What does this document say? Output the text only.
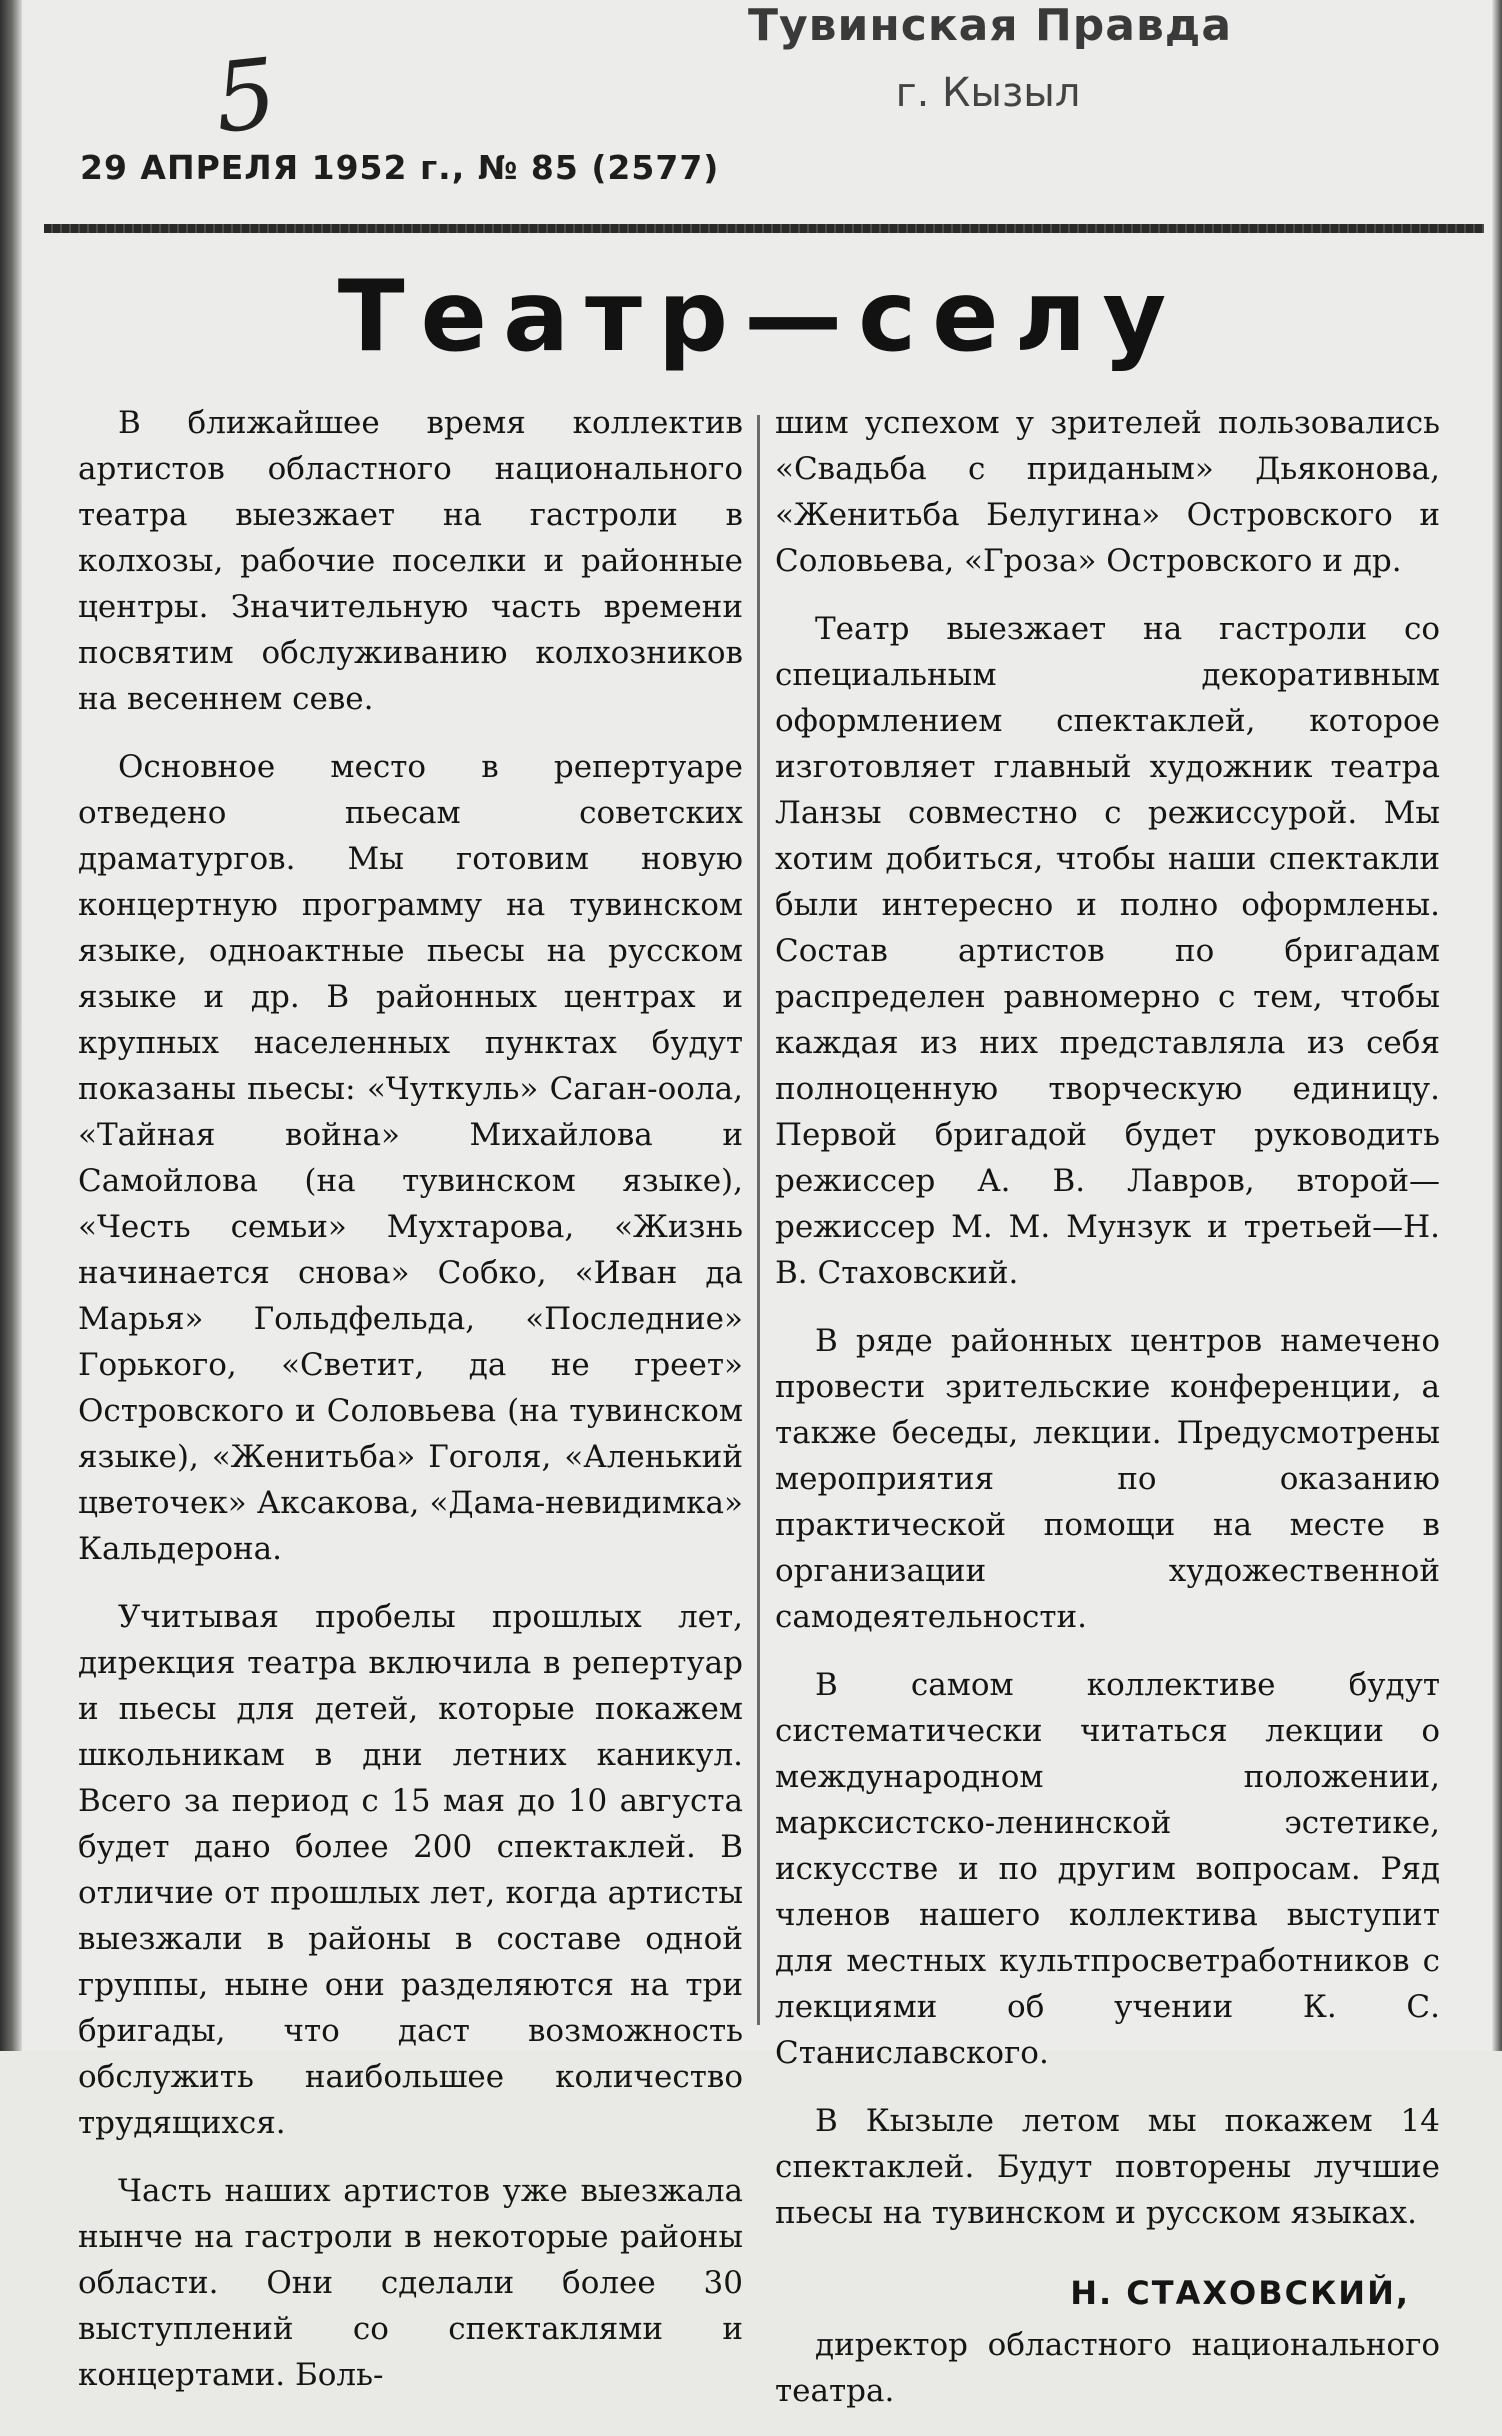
Тувинская Правда
г. Кызыл
5
29 АПРЕЛЯ 1952 г., № 85 (2577)
Театр—селу

В ближайшее время коллектив артистов областного национального театра выезжает на гастроли в колхозы, рабочие поселки и районные центры. Значительную часть времени посвятим обслуживанию колхозников на весеннем севе.

Основное место в репертуаре отведено пьесам советских драматургов. Мы готовим новую концертную программу на тувинском языке, одноактные пьесы на русском языке и др. В районных центрах и крупных населенных пунктах будут показаны пьесы: «Чуткуль» Саган-оола, «Тайная война» Михайлова и Самойлова (на тувинском языке), «Честь семьи» Мухтарова, «Жизнь начинается снова» Собко, «Иван да Марья» Гольдфельда, «Последние» Горького, «Светит, да не греет» Островского и Соловьева (на тувинском языке), «Женитьба» Гоголя, «Аленький цветочек» Аксакова, «Дама-невидимка» Кальдерона.

Учитывая пробелы прошлых лет, дирекция театра включила в репертуар и пьесы для детей, которые покажем школьникам в дни летних каникул. Всего за период с 15 мая до 10 августа будет дано более 200 спектаклей. В отличие от прошлых лет, когда артисты выезжали в районы в составе одной группы, ныне они разделяются на три бригады, что даст возможность обслужить наибольшее количество трудящихся.

Часть наших артистов уже выезжала нынче на гастроли в некоторые районы области. Они сделали более 30 выступлений со спектаклями и концертами. Боль-

шим успехом у зрителей пользовались «Свадьба с приданым» Дьяконова, «Женитьба Белугина» Островского и Соловьева, «Гроза» Островского и др.

Театр выезжает на гастроли со специальным декоративным оформлением спектаклей, которое изготовляет главный художник театра Ланзы совместно с режиссурой. Мы хотим добиться, чтобы наши спектакли были интересно и полно оформлены. Состав артистов по бригадам распределен равномерно с тем, чтобы каждая из них представляла из себя полноценную творческую единицу. Первой бригадой будет руководить режиссер А. В. Лавров, второй—режиссер М. М. Мунзук и третьей—Н. В. Стаховский.

В ряде районных центров намечено провести зрительские конференции, а также беседы, лекции. Предусмотрены мероприятия по оказанию практической помощи на месте в организации художественной самодеятельности.

В самом коллективе будут систематически читаться лекции о международном положении, марксистско-ленинской эстетике, искусстве и по другим вопросам. Ряд членов нашего коллектива выступит для местных культпросветработников с лекциями об учении К. С. Станиславского.

В Кызыле летом мы покажем 14 спектаклей. Будут повторены лучшие пьесы на тувинском и русском языках.

Н. СТАХОВСКИЙ,

директор областного национального театра.
